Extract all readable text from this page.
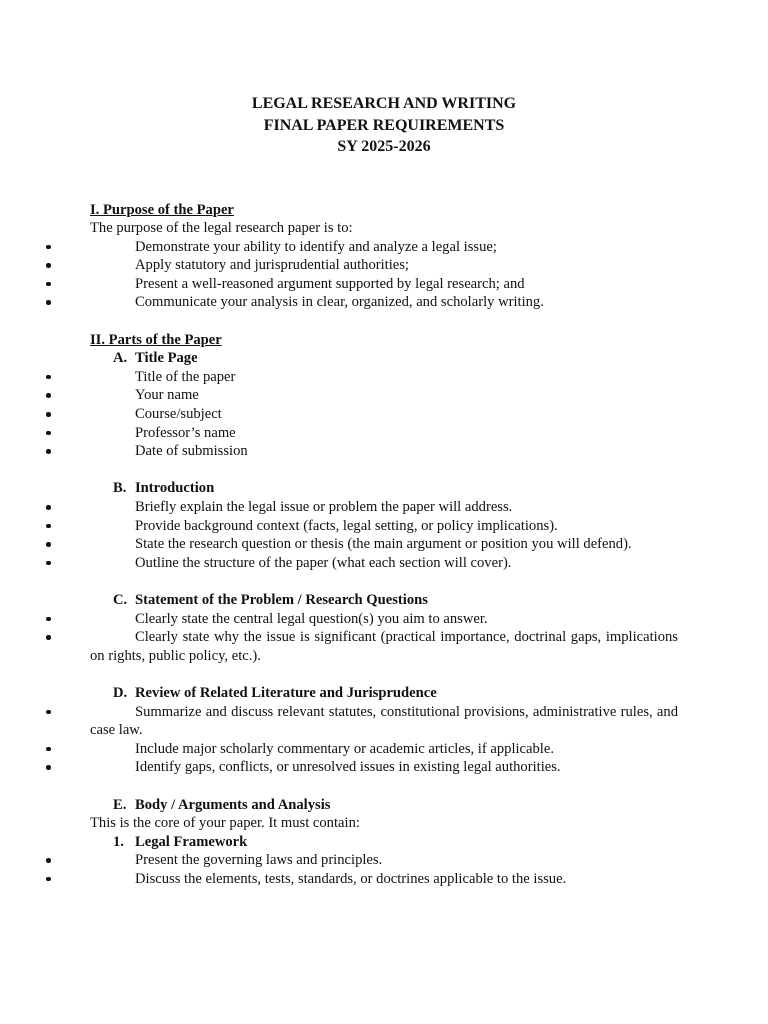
LEGAL RESEARCH AND WRITING
FINAL PAPER REQUIREMENTS
SY 2025-2026

I. Purpose of the Paper

The purpose of the legal research paper is to:

Demonstrate your ability to identify and analyze a legal issue;
Apply statutory and jurisprudential authorities;
Present a well-reasoned argument supported by legal research; and
Communicate your analysis in clear, organized, and scholarly writing.

II. Parts of the Paper

A. Title Page

Title of the paper
Your name
Course/subject
Professor’s name
Date of submission

B. Introduction

Briefly explain the legal issue or problem the paper will address.
Provide background context (facts, legal setting, or policy implications).
State the research question or thesis (the main argument or position you will defend).
Outline the structure of the paper (what each section will cover).

C. Statement of the Problem / Research Questions

Clearly state the central legal question(s) you aim to answer.
Clearly state why the issue is significant (practical importance, doctrinal gaps, implications on rights, public policy, etc.).

D. Review of Related Literature and Jurisprudence

Summarize and discuss relevant statutes, constitutional provisions, administrative rules, and case law.
Include major scholarly commentary or academic articles, if applicable.
Identify gaps, conflicts, or unresolved issues in existing legal authorities.

E. Body / Arguments and Analysis

This is the core of your paper. It must contain:

1. Legal Framework

Present the governing laws and principles.
Discuss the elements, tests, standards, or doctrines applicable to the issue.
